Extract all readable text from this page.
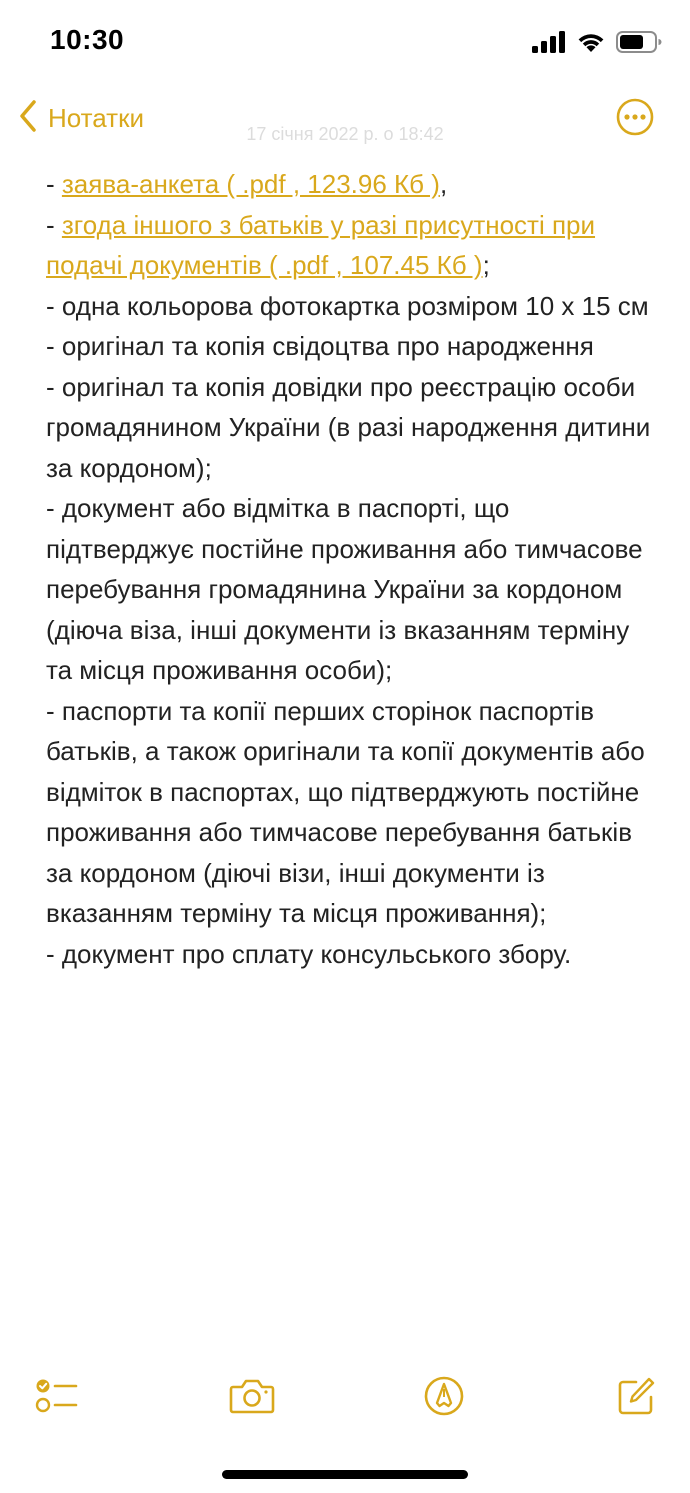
10:30
17 січня 2022 р. о 18:42
Нотатки

- заява-анкета ( .pdf , 123.96 Кб ),

- згода іншого з батьків у разі присутності при подачі документів ( .pdf , 107.45 Кб );

- одна кольорова фотокартка розміром 10 х 15 см

- оригінал та копія свідоцтва про народження

- оригінал та копія довідки про реєстрацію особи громадянином України (в разі народження дитини за кордоном);

- документ або відмітка в паспорті, що підтверджує постійне проживання або тимчасове перебування громадянина України за кордоном (діюча віза, інші документи із вказанням терміну та місця проживання особи);

- паспорти та копії перших сторінок паспортів батьків, а також оригінали та копії документів або відміток в паспортах, що підтверджують постійне проживання або тимчасове перебування батьків за кордоном (діючі візи, інші документи із вказанням терміну та місця проживання);

- документ про сплату консульського збору.
